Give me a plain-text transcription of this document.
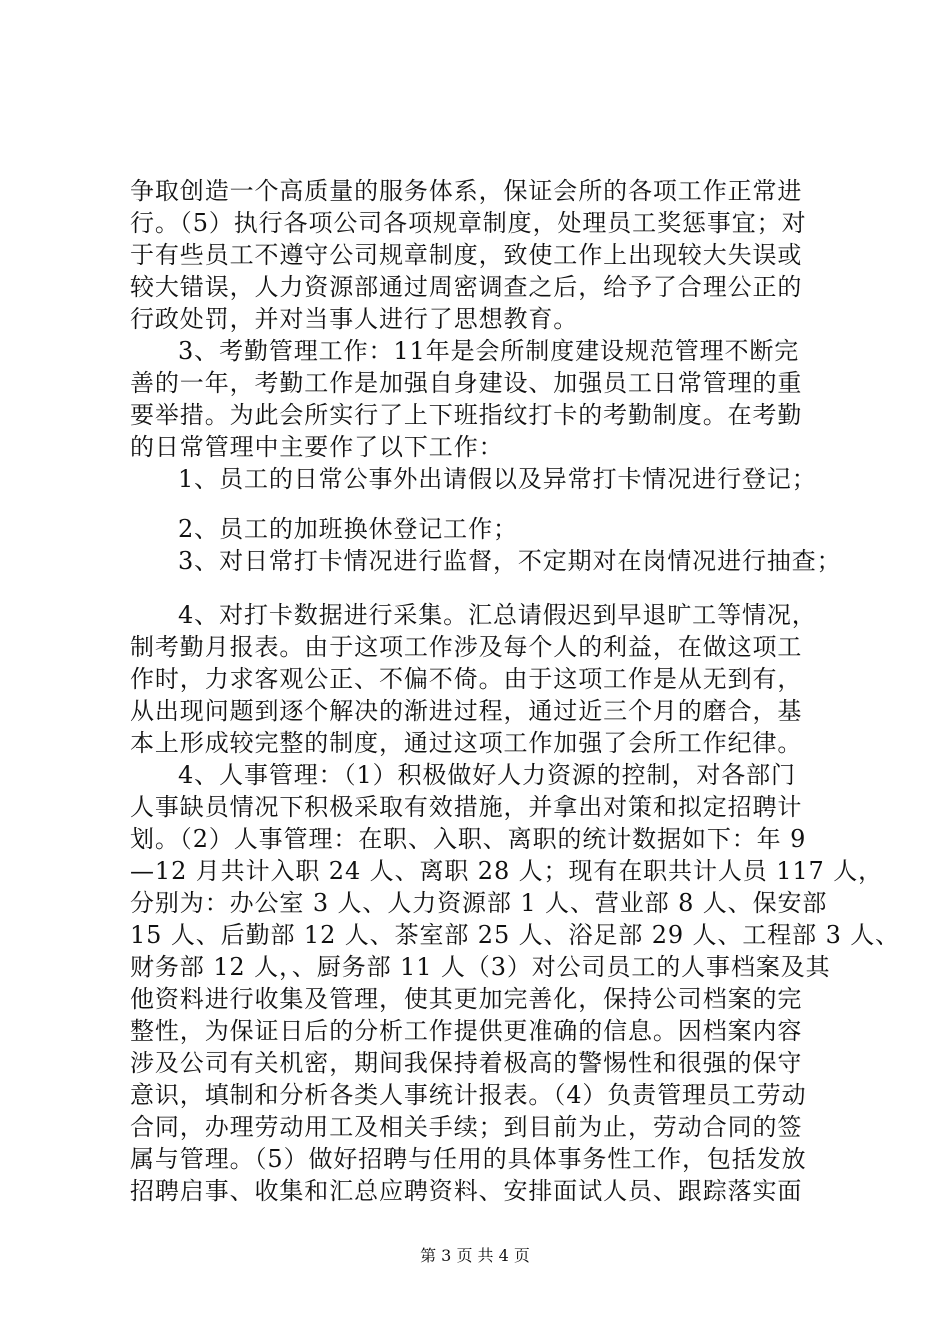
争取创造一个高质量的服务体系，保证会所的各项工作正常进
行。（5）执行各项公司各项规章制度，处理员工奖惩事宜；对
于有些员工不遵守公司规章制度，致使工作上出现较大失误或
较大错误，人力资源部通过周密调查之后，给予了合理公正的
行政处罚，并对当事人进行了思想教育。
3、考勤管理工作：11年是会所制度建设规范管理不断完
善的一年，考勤工作是加强自身建设、加强员工日常管理的重
要举措。为此会所实行了上下班指纹打卡的考勤制度。在考勤
的日常管理中主要作了以下工作：
1、员工的日常公事外出请假以及异常打卡情况进行登记；
2、员工的加班换休登记工作；
3、对日常打卡情况进行监督，不定期对在岗情况进行抽查；
4、对打卡数据进行采集。汇总请假迟到早退旷工等情况，
制考勤月报表。由于这项工作涉及每个人的利益，在做这项工
作时，力求客观公正、不偏不倚。由于这项工作是从无到有，
从出现问题到逐个解决的渐进过程，通过近三个月的磨合，基
本上形成较完整的制度，通过这项工作加强了会所工作纪律。
4、人事管理：（1）积极做好人力资源的控制，对各部门
人事缺员情况下积极采取有效措施，并拿出对策和拟定招聘计
划。（2）人事管理：在职、入职、离职的统计数据如下：年 9
—12 月共计入职 24 人、离职 28 人；现有在职共计人员 117 人，
分别为：办公室 3 人、人力资源部 1 人、营业部 8 人、保安部
15 人、后勤部 12 人、茶室部 25 人、浴足部 29 人、工程部 3 人、
财务部 12 人，、厨务部 11 人（3）对公司员工的人事档案及其
他资料进行收集及管理，使其更加完善化，保持公司档案的完
整性，为保证日后的分析工作提供更准确的信息。因档案内容
涉及公司有关机密，期间我保持着极高的警惕性和很强的保守
意识，填制和分析各类人事统计报表。（4）负责管理员工劳动
合同，办理劳动用工及相关手续；到目前为止，劳动合同的签
属与管理。（5）做好招聘与任用的具体事务性工作，包括发放
招聘启事、收集和汇总应聘资料、安排面试人员、跟踪落实面
第 3 页 共 4 页
